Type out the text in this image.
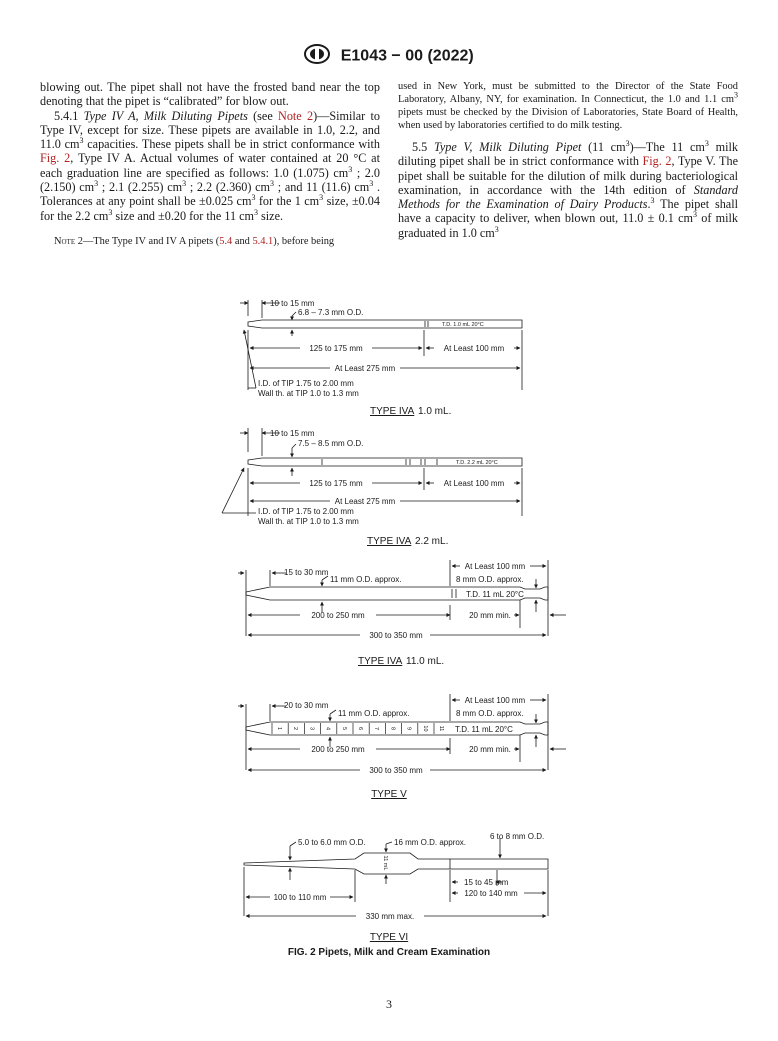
E1043 − 00 (2022)

blowing out. The pipet shall not have the frosted band near the top denoting that the pipet is “calibrated” for blow out.

5.4.1 Type IV A, Milk Diluting Pipets (see Note 2)—Similar to Type IV, except for size. These pipets are available in 1.0, 2.2, and 11.0 $cm^3$ capacities. These pipets shall be in strict conformance with Fig. 2, Type IV A. Actual volumes of water contained at 20 °C at each graduation line are specified as follows: 1.0 (1.075) $cm^3$ ; 2.0 (2.150) $cm^3$ ; 2.1 (2.255) $cm^3$ ; 2.2 (2.360) $cm^3$ ; and 11 (11.6) $cm^3$ . Tolerances at any point shall be ±0.025 $cm^3$ for the 1 $cm^3$ size, ±0.04 for the 2.2 $cm^3$ size and ±0.20 for the 11 $cm^3$ size.

Note 2—The Type IV and IV A pipets (5.4 and 5.4.1), before being

used in New York, must be submitted to the Director of the State Food Laboratory, Albany, NY, for examination. In Connecticut, the 1.0 and 1.1 $cm^3$ pipets must be checked by the Division of Laboratories, State Board of Health, when used by laboratories certified to do milk testing.

5.5 Type V, Milk Diluting Pipet (11 $cm^3)—The$ 11 $cm^3$ milk diluting pipet shall be in strict conformance with Fig. 2, Type V. The pipet shall be suitable for the dilution of milk during bacteriological examination, in accordance with the 14th edition of Standard Methods for the Examination of Dairy Products.$^3$ The pipet shall have a capacity to deliver, when blown out, 11.0 ± 0.1 $cm^3$ of milk graduated in 1.0 $cm^3$

1 2 3 4 5 6 7 8 9 10 11
10 to 15 mm
6.8 – 7.3 mm O.D.
T.D. 1.0 mL 20°C
125 to 175 mm	At Least 100 mm
At Least 275 mm
I.D. of TIP 1.75 to 2.00 mm
Wall th. at TIP 1.0 to 1.3 mm
TYPE IVA 1.0 mL.
10 to 15 mm
7.5 – 8.5 mm O.D.
T.D. 2.2 mL 20°C
125 to 175 mm	At Least 100 mm
At Least 275 mm
I.D. of TIP 1.75 to 2.00 mm
Wall th. at TIP 1.0 to 1.3 mm
TYPE IVA 2.2 mL.
15 to 30 mm
11 mm O.D. approx.
At Least 100 mm
8 mm O.D. approx.
T.D. 11 mL 20°C
200 to 250 mm	20 mm min.
300 to 350 mm
TYPE IVA 11.0 mL.
20 to 30 mm
11 mm O.D. approx.
At Least 100 mm
8 mm O.D. approx.
T.D. 11 mL 20°C
200 to 250 mm	20 mm min.
300 to 350 mm
TYPE V
5.0 to 6.0 mm O.D.	16 mm O.D. approx.
6 to 8 mm O.D.
11 mL
100 to 110 mm
15 to 45 mm
120 to 140 mm
330 mm max.
TYPE VI
FIG. 2 Pipets, Milk and Cream Examination
3
